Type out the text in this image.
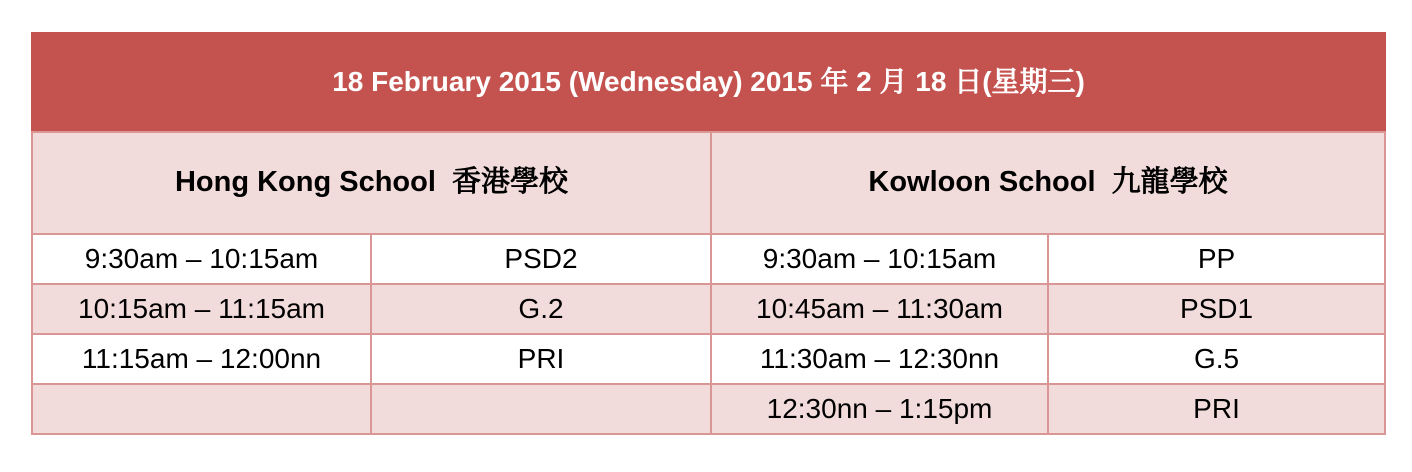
18 February 2015 (Wednesday) 2015 年 2 月 18 日(星期三)			
Hong Kong School  香港學校		Kowloon School  九龍學校	
9:30am – 10:15am	PSD2	9:30am – 10:15am	PP
10:15am – 11:15am	G.2	10:45am – 11:30am	PSD1
11:15am – 12:00nn	PRI	11:30am – 12:30nn	G.5
		12:30nn – 1:15pm	PRI
